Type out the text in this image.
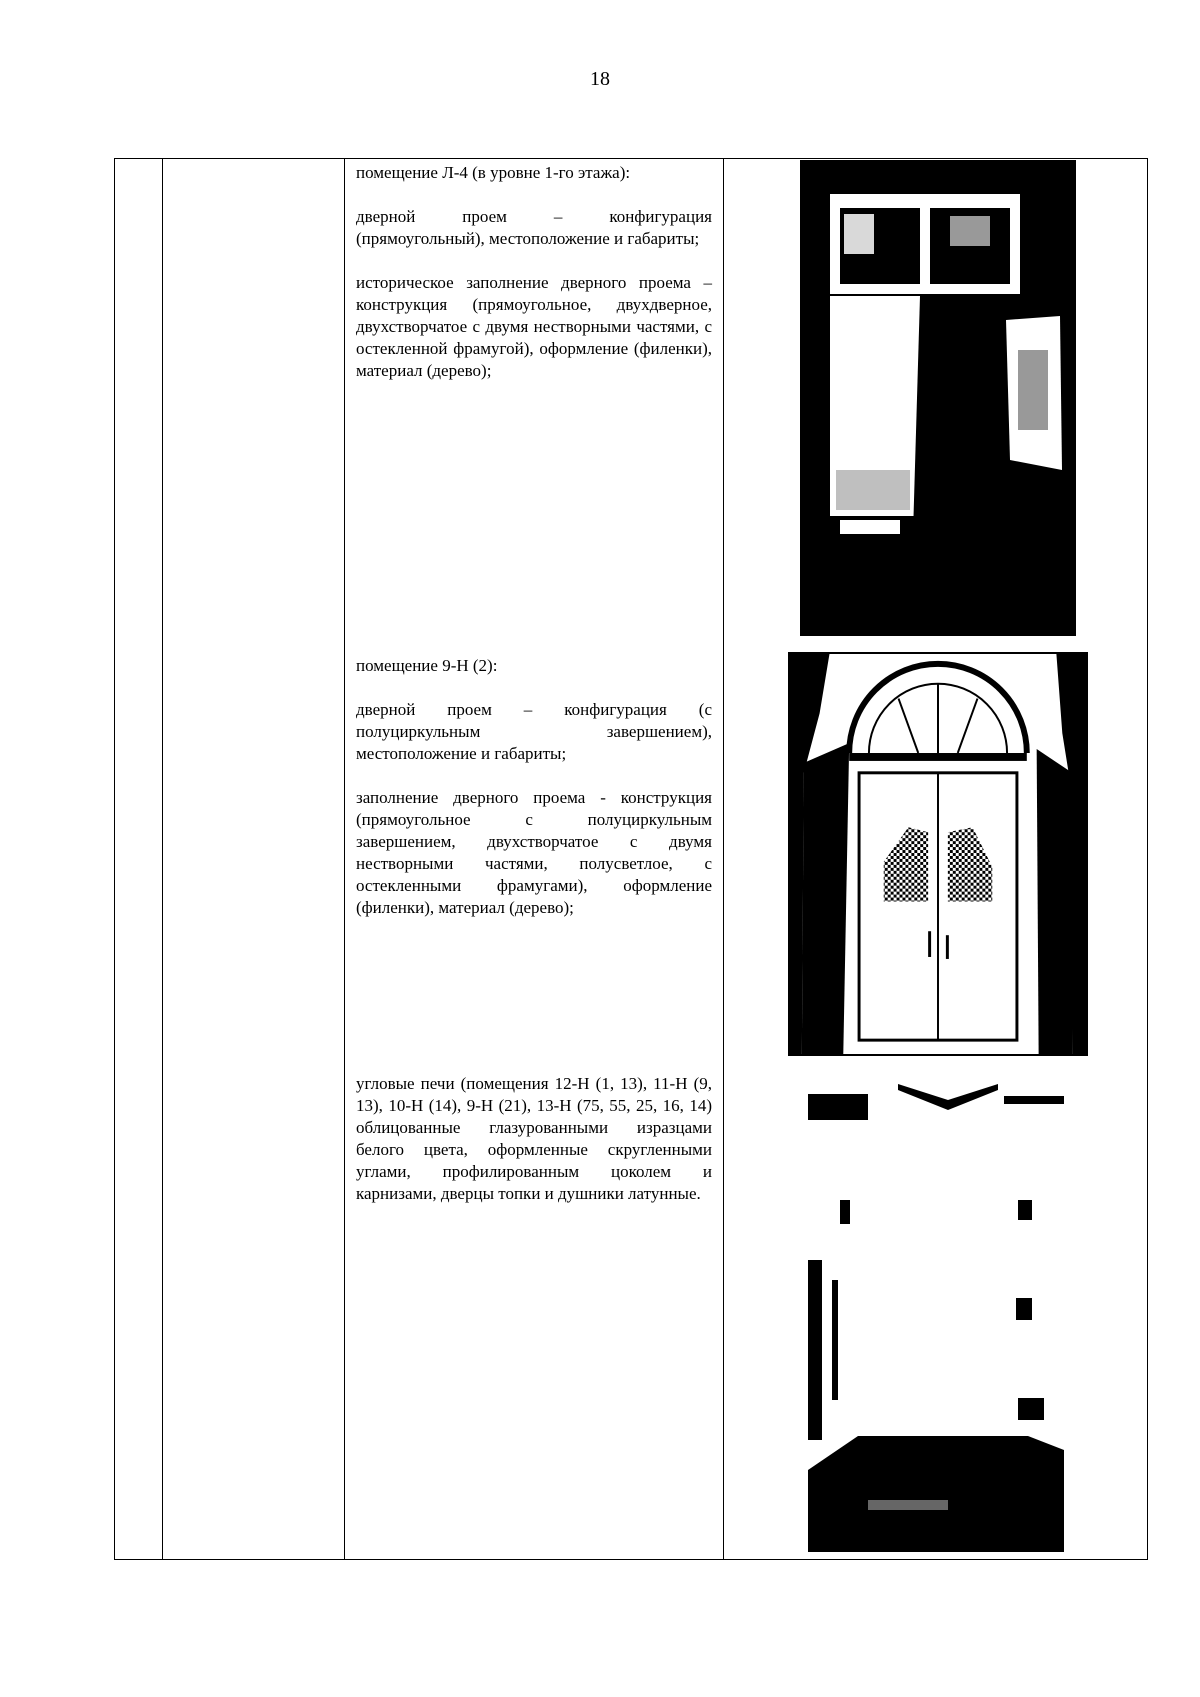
18

помещение Л-4 (в уровне 1-го этажа):

дверной проем – конфигурация (прямоугольный), местоположение и габариты;

историческое заполнение дверного проема – конструкция (прямоугольное, двухдверное, двухстворчатое с двумя нестворными частями, с остекленной фрамугой), оформление (филенки), материал (дерево);

помещение 9-Н (2):

дверной проем – конфигурация (с полуциркульным завершением), местоположение и габариты;

заполнение дверного проема - конструкция (прямоугольное с полуциркульным завершением, двухстворчатое с двумя нестворными частями, полусветлое, с остекленными фрамугами), оформление (филенки), материал (дерево);

угловые печи (помещения 12-Н (1, 13), 11-Н (9, 13), 10-Н (14), 9-Н (21), 13-Н (75, 55, 25, 16, 14) облицованные глазурованными изразцами белого цвета, оформленные скругленными углами, профилированным цоколем и карнизами, дверцы топки и душники латунные.
